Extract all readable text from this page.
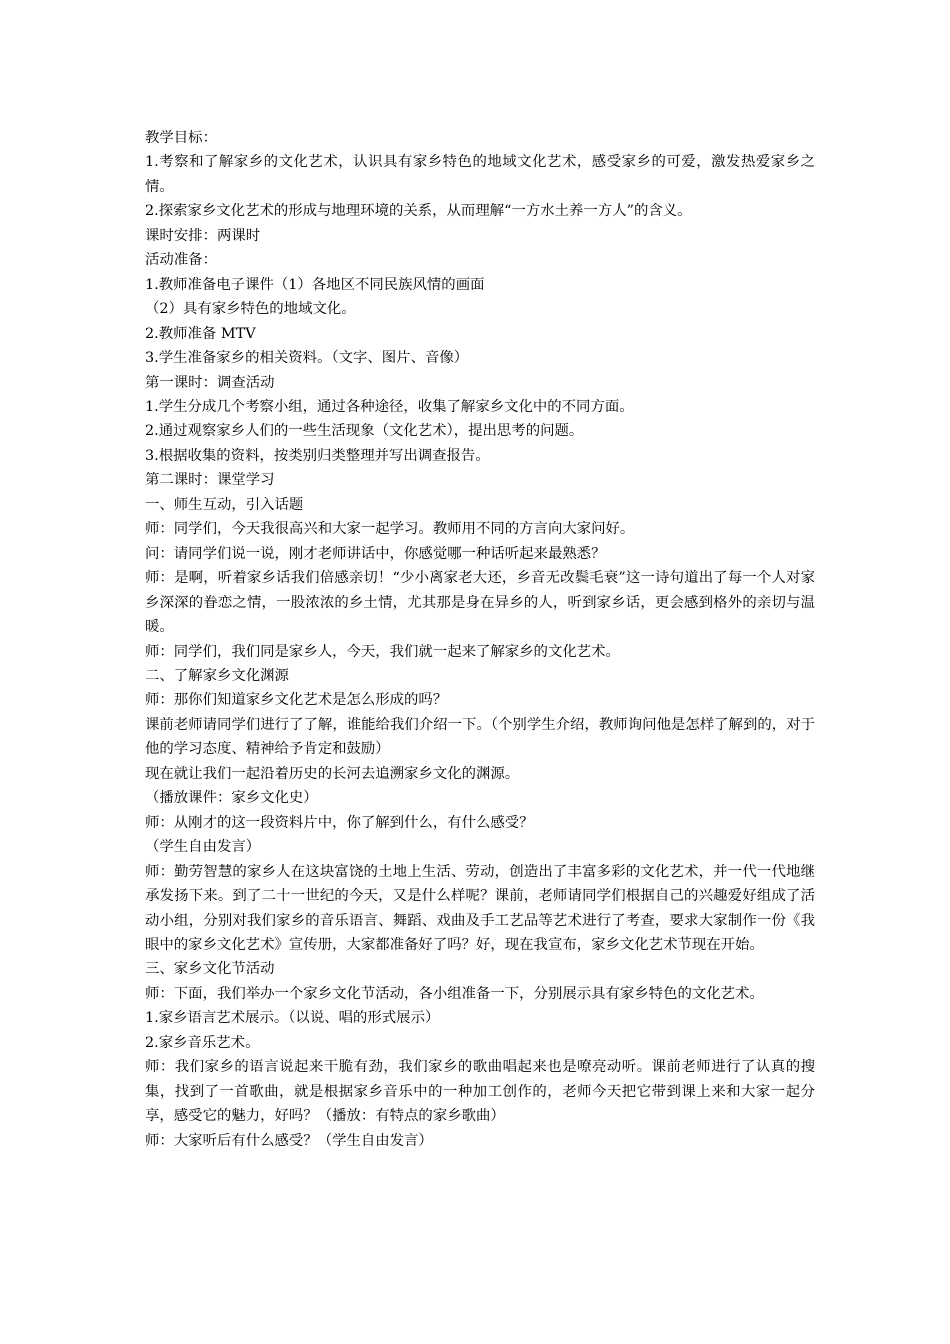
教学目标：

1.考察和了解家乡的文化艺术，认识具有家乡特色的地域文化艺术，感受家乡的可爱，激发热爱家乡之情。

2.探索家乡文化艺术的形成与地理环境的关系，从而理解“一方水土养一方人”的含义。

课时安排：两课时

活动准备：

1.教师准备电子课件（1）各地区不同民族风情的画面

（2）具有家乡特色的地域文化。

2.教师准备 MTV

3.学生准备家乡的相关资料。（文字、图片、音像）

第一课时：调查活动

1.学生分成几个考察小组，通过各种途径，收集了解家乡文化中的不同方面。

2.通过观察家乡人们的一些生活现象（文化艺术），提出思考的问题。

3.根据收集的资料，按类别归类整理并写出调查报告。

第二课时：课堂学习

一、师生互动，引入话题

师：同学们，今天我很高兴和大家一起学习。教师用不同的方言向大家问好。

问：请同学们说一说，刚才老师讲话中，你感觉哪一种话听起来最熟悉？

师：是啊，听着家乡话我们倍感亲切！“少小离家老大还，乡音无改鬓毛衰”这一诗句道出了每一个人对家乡深深的眷恋之情，一股浓浓的乡土情，尤其那是身在异乡的人，听到家乡话，更会感到格外的亲切与温暖。

师：同学们，我们同是家乡人，今天，我们就一起来了解家乡的文化艺术。

二、了解家乡文化渊源

师：那你们知道家乡文化艺术是怎么形成的吗？

课前老师请同学们进行了了解，谁能给我们介绍一下。（个别学生介绍，教师询问他是怎样了解到的，对于他的学习态度、精神给予肯定和鼓励）

现在就让我们一起沿着历史的长河去追溯家乡文化的渊源。

（播放课件：家乡文化史）

师：从刚才的这一段资料片中，你了解到什么，有什么感受？

（学生自由发言）

师：勤劳智慧的家乡人在这块富饶的土地上生活、劳动，创造出了丰富多彩的文化艺术，并一代一代地继承发扬下来。到了二十一世纪的今天，又是什么样呢？课前，老师请同学们根据自己的兴趣爱好组成了活动小组，分别对我们家乡的音乐语言、舞蹈、戏曲及手工艺品等艺术进行了考查，要求大家制作一份《我眼中的家乡文化艺术》宣传册，大家都准备好了吗？好，现在我宣布，家乡文化艺术节现在开始。

三、家乡文化节活动

师：下面，我们举办一个家乡文化节活动，各小组准备一下，分别展示具有家乡特色的文化艺术。

1.家乡语言艺术展示。（以说、唱的形式展示）

2.家乡音乐艺术。

师：我们家乡的语言说起来干脆有劲，我们家乡的歌曲唱起来也是嘹亮动听。课前老师进行了认真的搜集，找到了一首歌曲，就是根据家乡音乐中的一种加工创作的，老师今天把它带到课上来和大家一起分享，感受它的魅力，好吗？（播放：有特点的家乡歌曲）

师：大家听后有什么感受？（学生自由发言）
